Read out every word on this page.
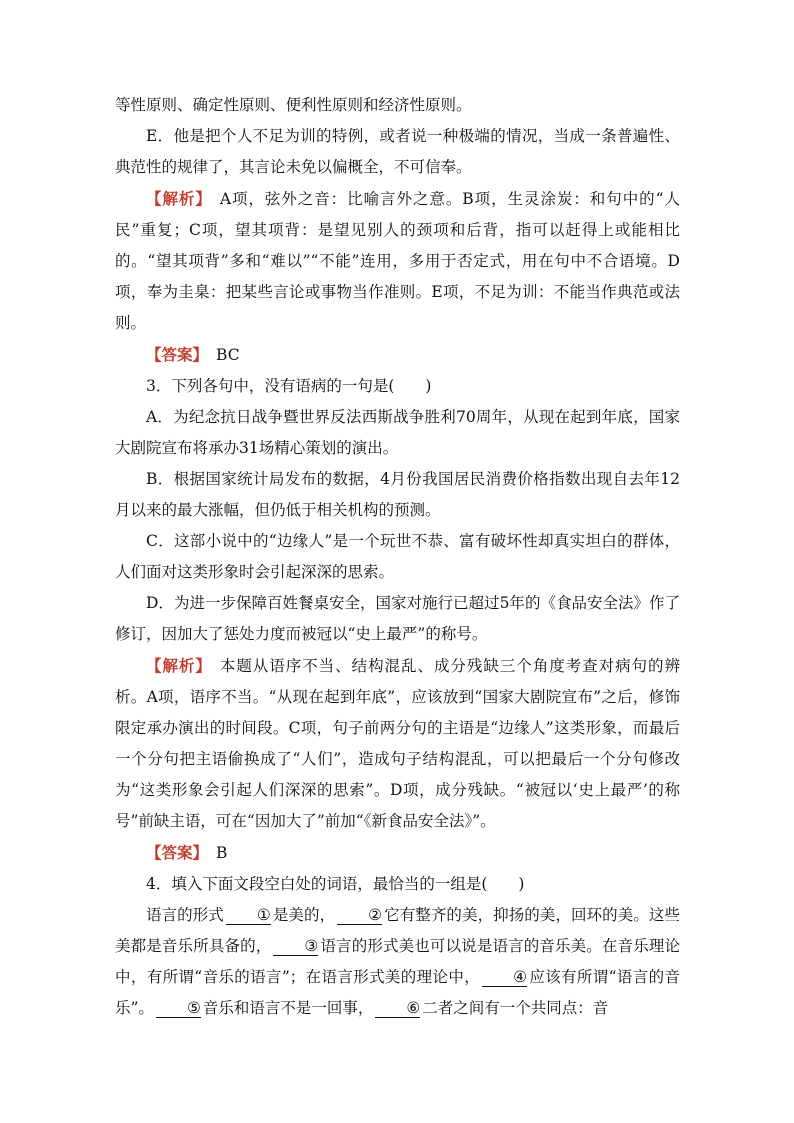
等性原则、确定性原则、便利性原则和经济性原则。

E．他是把个人不足为训的特例，或者说一种极端的情况，当成一条普遍性、典范性的规律了，其言论未免以偏概全，不可信奉。

【解析】 A项，弦外之音：比喻言外之意。B项，生灵涂炭：和句中的“人民”重复；C项，望其项背：是望见别人的颈项和后背，指可以赶得上或能相比的。“望其项背”多和“难以”“不能”连用，多用于否定式，用在句中不合语境。D项，奉为圭臬：把某些言论或事物当作准则。E项，不足为训：不能当作典范或法则。

【答案】 BC

3．下列各句中，没有语病的一句是(　　)

A．为纪念抗日战争暨世界反法西斯战争胜利70周年，从现在起到年底，国家大剧院宣布将承办31场精心策划的演出。

B．根据国家统计局发布的数据，4月份我国居民消费价格指数出现自去年12月以来的最大涨幅，但仍低于相关机构的预测。

C．这部小说中的“边缘人”是一个玩世不恭、富有破坏性却真实坦白的群体，人们面对这类形象时会引起深深的思索。

D．为进一步保障百姓餐桌安全，国家对施行已超过5年的《食品安全法》作了修订，因加大了惩处力度而被冠以“史上最严”的称号。

【解析】 本题从语序不当、结构混乱、成分残缺三个角度考查对病句的辨析。A项，语序不当。“从现在起到年底”，应该放到“国家大剧院宣布”之后，修饰限定承办演出的时间段。C项，句子前两分句的主语是“边缘人”这类形象，而最后一个分句把主语偷换成了“人们”，造成句子结构混乱，可以把最后一个分句修改为“这类形象会引起人们深深的思索”。D项，成分残缺。“被冠以‘史上最严’的称号”前缺主语，可在“因加大了”前加“《新食品安全法》”。

【答案】 B

4．填入下面文段空白处的词语，最恰当的一组是(　　)

语言的形式 ① 是美的， ② 它有整齐的美，抑扬的美，回环的美。这些美都是音乐所具备的， ③ 语言的形式美也可以说是语言的音乐美。在音乐理论中，有所谓“音乐的语言”；在语言形式美的理论中， ④ 应该有所谓“语言的音乐”。 ⑤ 音乐和语言不是一回事， ⑥ 二者之间有一个共同点：音
